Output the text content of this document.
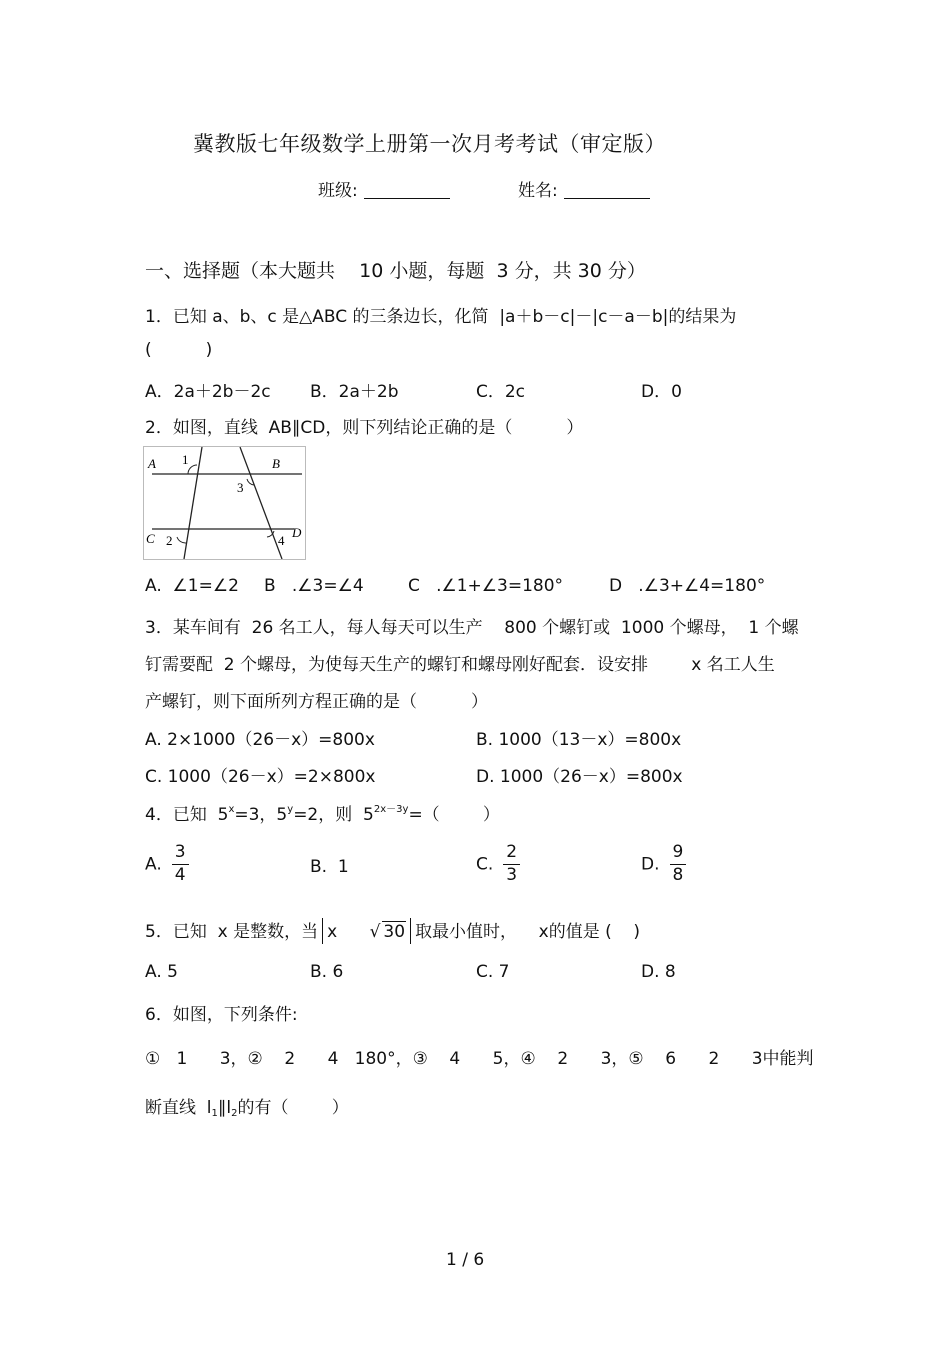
冀教版七年级数学上册第一次月考考试（审定版）
班级:	姓名:
一、选择题（本大题共    10 小题，每题  3 分，共 30 分）
1．已知 a、b、c 是△ABC 的三条边长，化简  |a＋b－c|－|c－a－b|的结果为
(          )
A．2a＋2b－2c B．2a＋2b	C．2c	D．0
2．如图，直线  AB∥CD，则下列结论正确的是（          ）
A 1	B
3
C 2	4
D
A.  ∠1=∠2 B   .∠3=∠4	C   .∠1+∠3=180°	D   .∠3+∠4=180°
3．某车间有  26 名工人，每人每天可以生产    800 个螺钉或  1000 个螺母，  1 个螺
钉需要配  2 个螺母，为使每天生产的螺钉和螺母刚好配套．设安排        x 名工人生
产螺钉，则下面所列方程正确的是（          ）
A. 2×1000（26－x）=800x	B. 1000（13－x）=800x
C. 1000（26－x）=2×800x	D. 1000（26－x）=800x
4．已知  $5^x=3$，$5^y=2$，则  $5^{2x-3y}=$（        ）
A. $\frac{3}{4}$	B. 1	C. $\frac{2}{3}$	D. $\frac{9}{8}$
5．已知  x 是整数，当 x      √ 30 取最小值时，    x的值是 (    )
A. 5	B. 6	C. 7	D. 8
6．如图，下列条件:
①   1      3，②    2      4   180°，③    4      5，④    2      3，⑤    6      2      3中能判
断直线  $l_1\parallel l_2$的有（        ）
1 / 6
